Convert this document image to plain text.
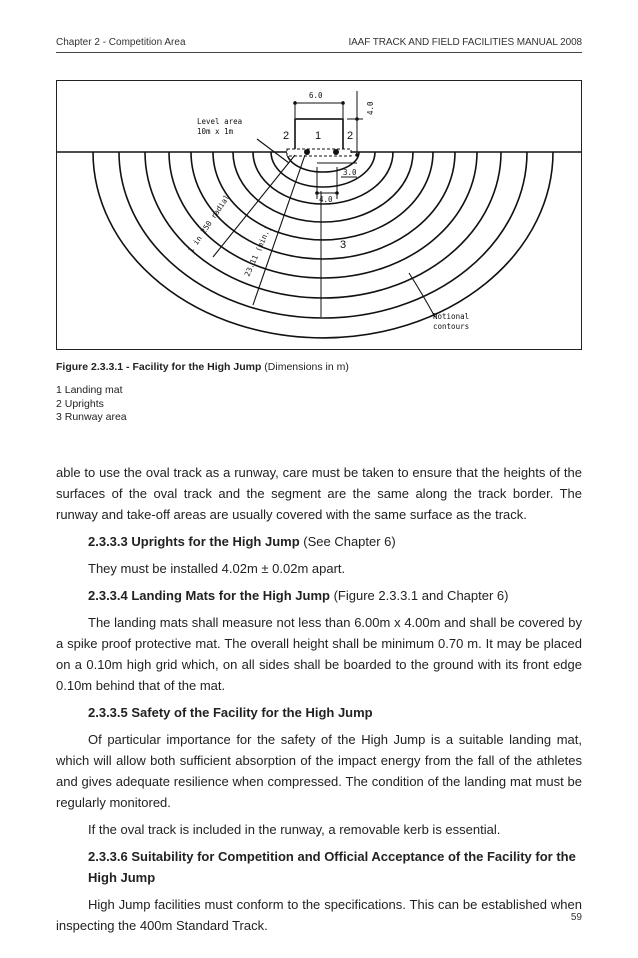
Chapter 2 - Competition Area	IAAF TRACK AND FIELD FACILITIES MANUAL 2008
6.0
4.0
3.0
4.0
Level area
10m x 1m
1 in 250 radial 23.11 (min.)
Notional
contours
1
2	2
3
Figure 2.3.3.1 - Facility for the High Jump (Dimensions in m)
1 Landing mat
2 Uprights
3 Runway area

able to use the oval track as a runway, care must be taken to ensure that the heights of the surfaces of the oval track and the segment are the same along the track border. The runway and take-off areas are usually covered with the same surface as the track.

2.3.3.3 Uprights for the High Jump (See Chapter 6)

They must be installed 4.02m ± 0.02m apart.

2.3.3.4 Landing Mats for the High Jump (Figure 2.3.3.1 and Chapter 6)

The landing mats shall measure not less than 6.00m x 4.00m and shall be covered by a spike proof protective mat. The overall height shall be minimum 0.70 m. It may be placed on a 0.10m high grid which, on all sides shall be boarded to the ground with its front edge 0.10m behind that of the mat.

2.3.3.5 Safety of the Facility for the High Jump

Of particular importance for the safety of the High Jump is a suitable landing mat, which will allow both sufficient absorption of the impact energy from the fall of the athletes and gives adequate resilience when compressed. The condition of the landing mat must be regularly monitored.

If the oval track is included in the runway, a removable kerb is essential.

2.3.3.6 Suitability for Competition and Official Acceptance of the Facility for the High Jump

High Jump facilities must conform to the specifications. This can be established when inspecting the 400m Standard Track.

59
